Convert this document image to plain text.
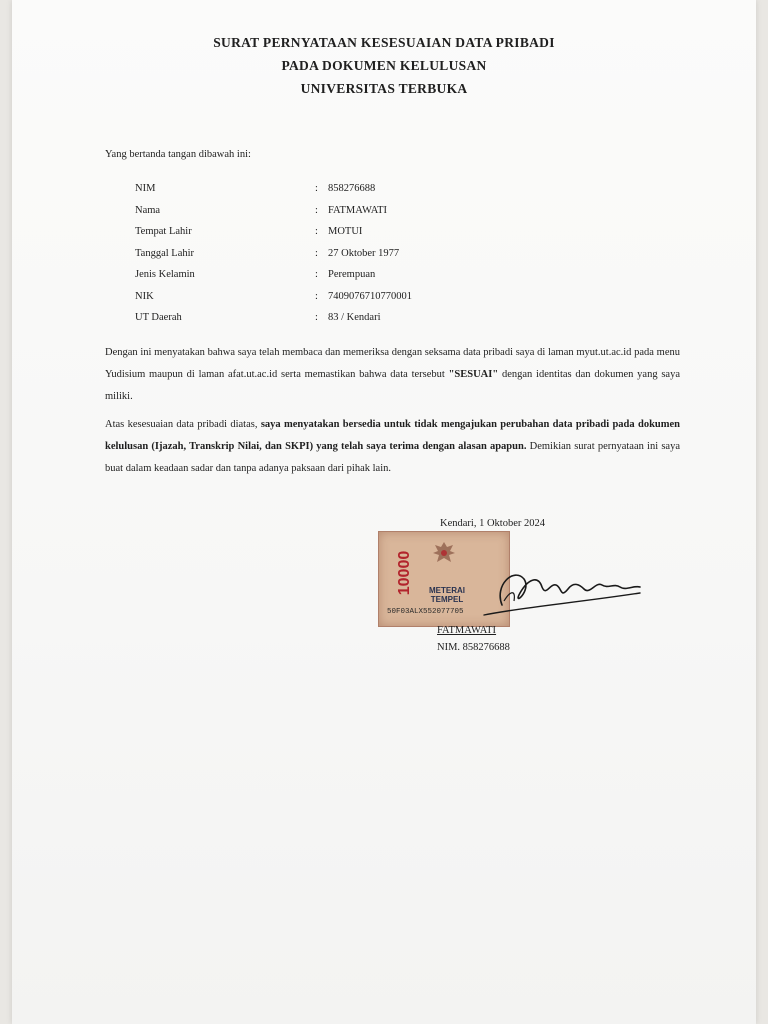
SURAT PERNYATAAN KESESUAIAN DATA PRIBADI
PADA DOKUMEN KELULUSAN
UNIVERSITAS TERBUKA
Yang bertanda tangan dibawah ini:
NIM	: 858276688
Nama	: FATMAWATI
Tempat Lahir	: MOTUI
Tanggal Lahir	: 27 Oktober 1977
Jenis Kelamin	: Perempuan
NIK	: 7409076710770001
UT Daerah	: 83 / Kendari
Dengan ini menyatakan bahwa saya telah membaca dan memeriksa dengan seksama data pribadi saya di laman myut.ut.ac.id pada menu Yudisium maupun di laman afat.ut.ac.id serta memastikan bahwa data tersebut "SESUAI" dengan identitas dan dokumen yang saya miliki.
Atas kesesuaian data pribadi diatas, saya menyatakan bersedia untuk tidak mengajukan perubahan data pribadi pada dokumen kelulusan (Ijazah, Transkrip Nilai, dan SKPI) yang telah saya terima dengan alasan apapun. Demikian surat pernyataan ini saya buat dalam keadaan sadar dan tanpa adanya paksaan dari pihak lain.
Kendari, 1 Oktober 2024
10000	METERAI
TEMPEL
50F03ALX552077705
FATMAWATI
NIM. 858276688
